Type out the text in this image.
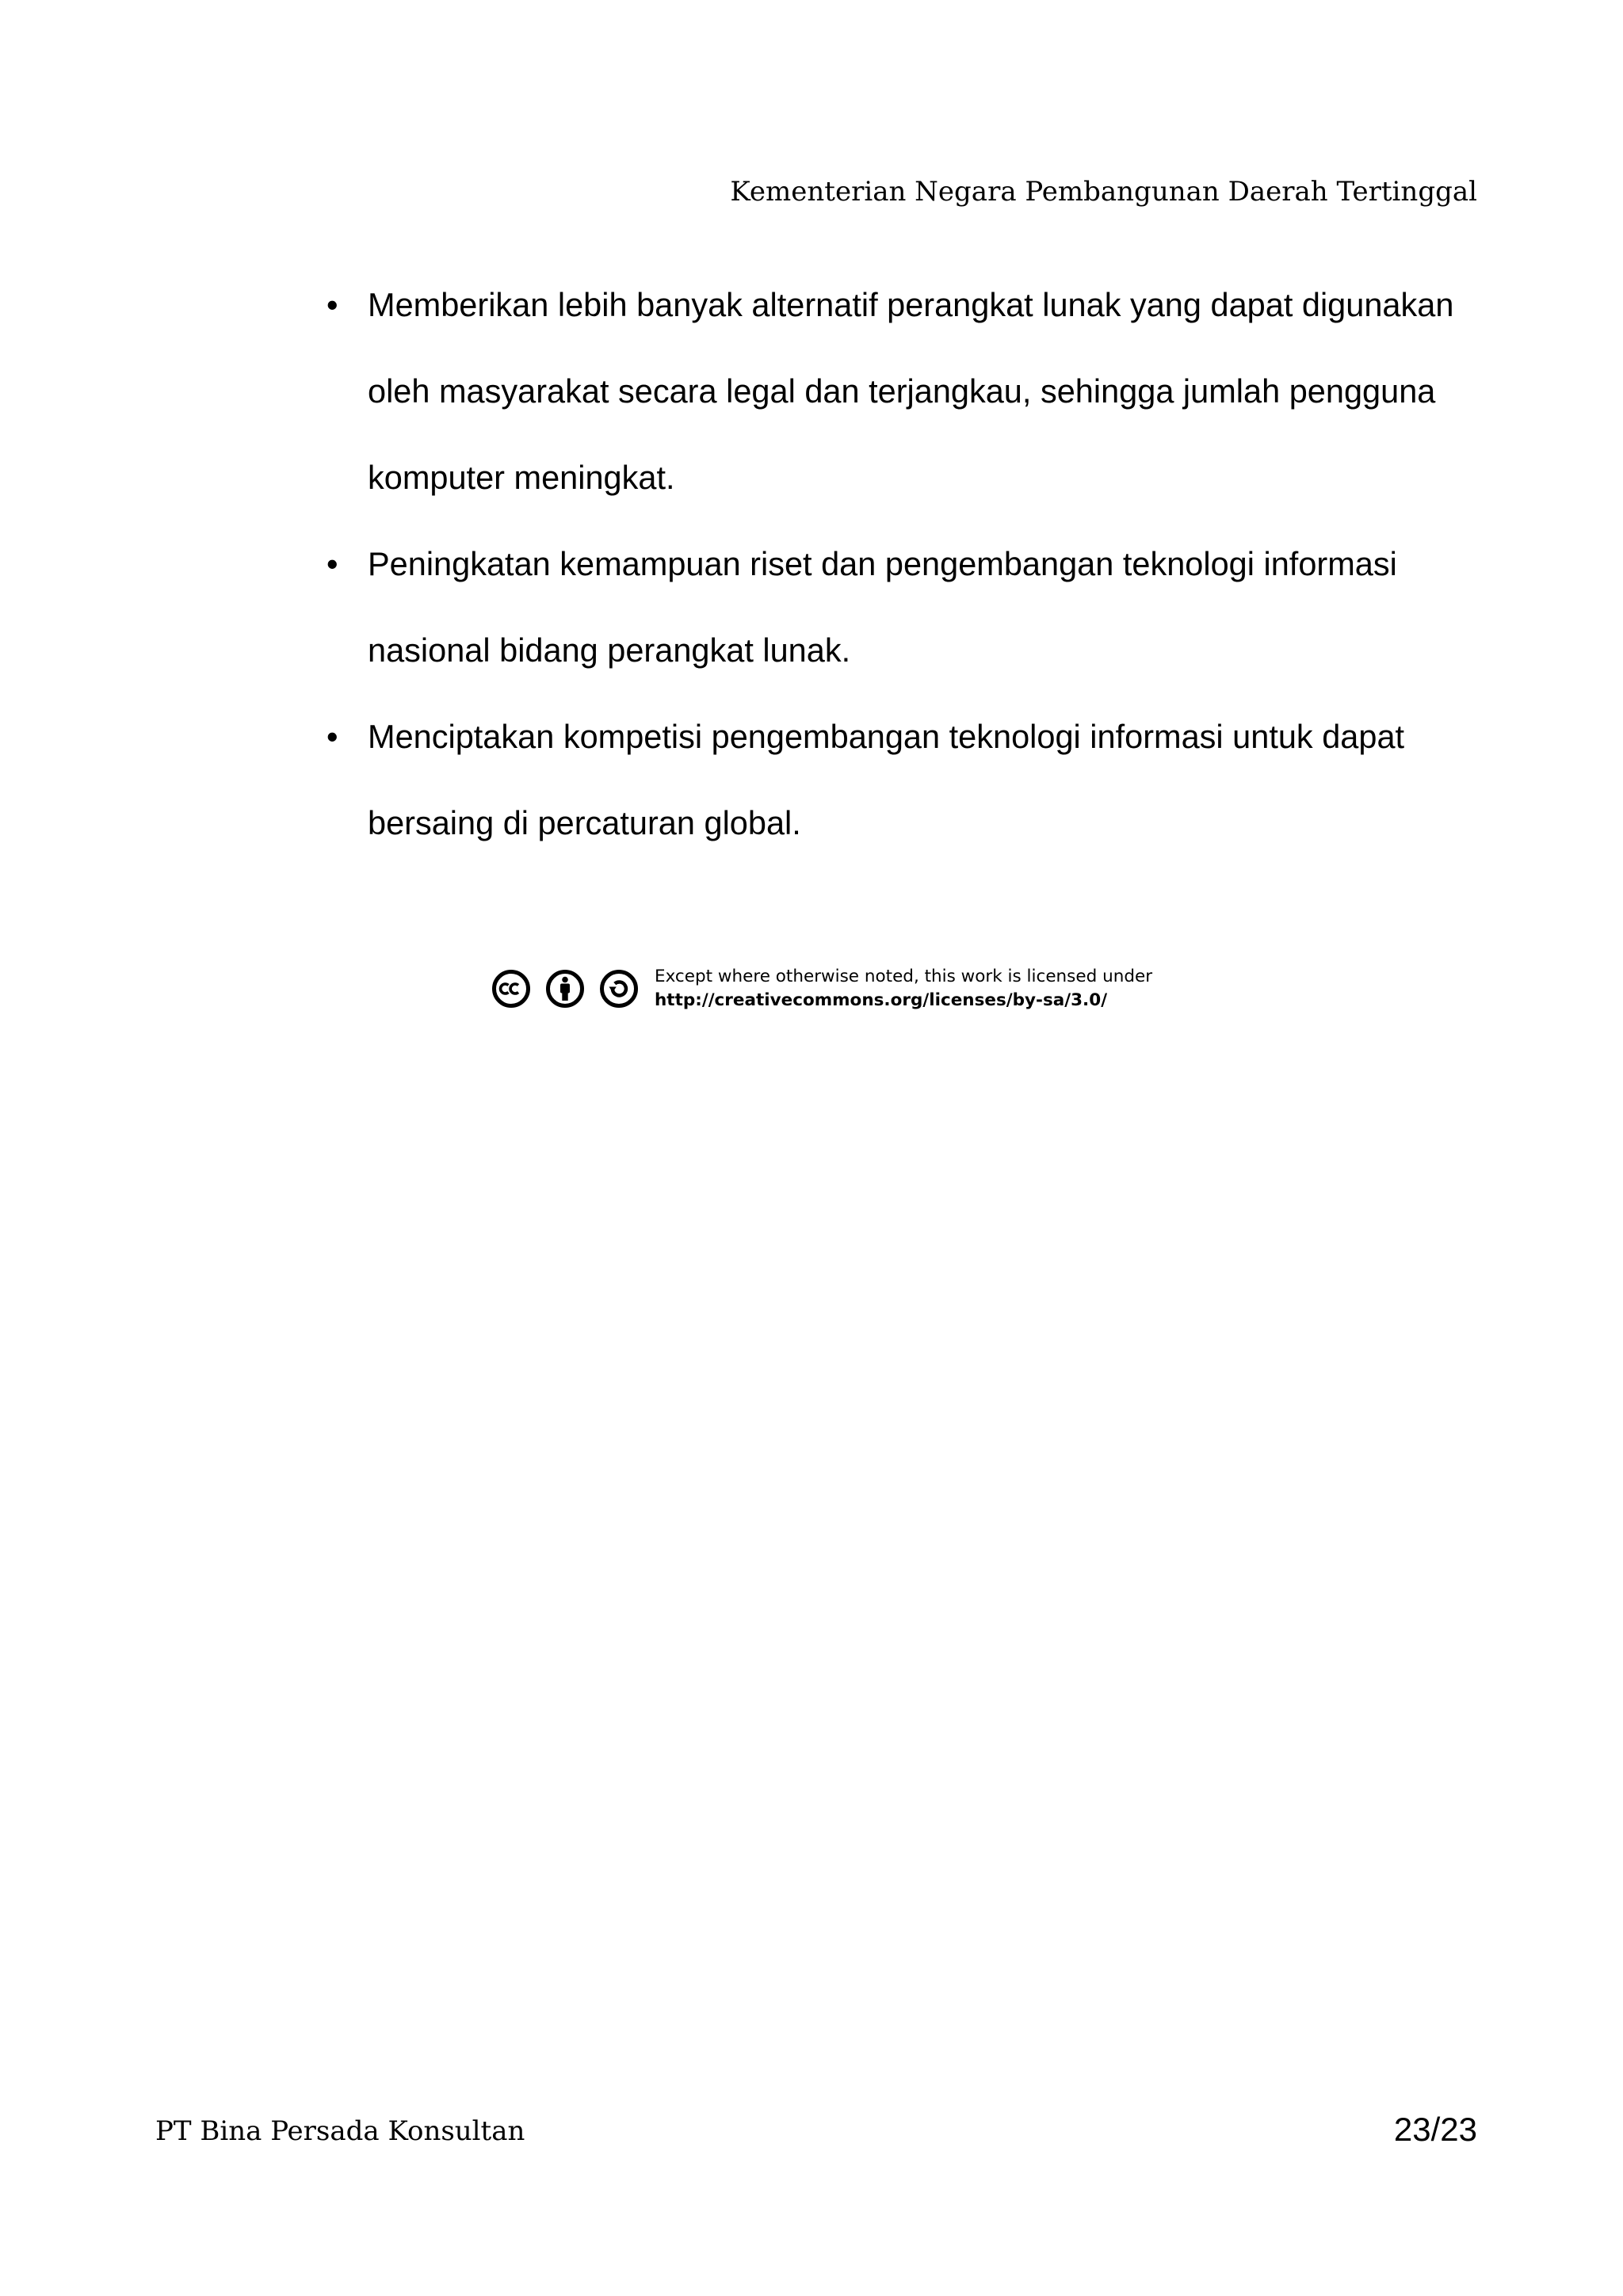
Kementerian Negara Pembangunan Daerah Tertinggal
• Memberikan lebih banyak alternatif perangkat lunak yang dapat digunakan
oleh masyarakat secara legal dan terjangkau, sehingga jumlah pengguna
komputer meningkat.
• Peningkatan kemampuan riset dan pengembangan teknologi informasi
nasional bidang perangkat lunak.
• Menciptakan kompetisi pengembangan teknologi informasi untuk dapat
bersaing di percaturan global.
Except where otherwise noted, this work is licensed under
http://creativecommons.org/licenses/by-sa/3.0/
PT Bina Persada Konsultan	23/23
